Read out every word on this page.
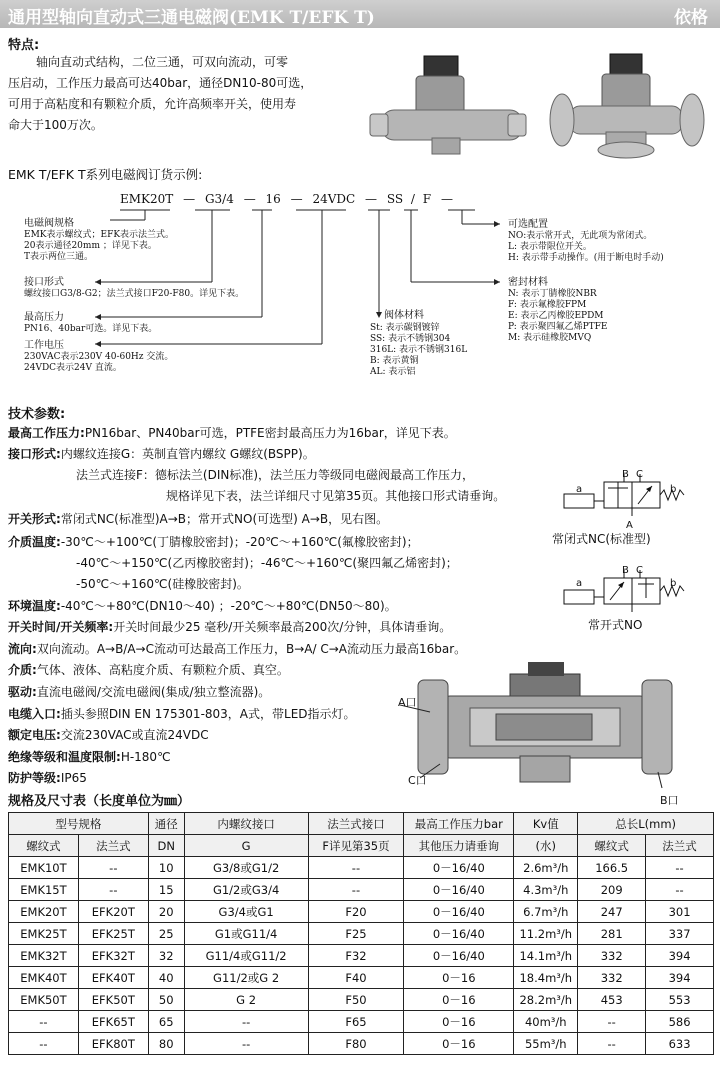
通用型轴向直动式三通电磁阀(EMK T/EFK T)	依格
特点:
轴向直动式结构，二位三通，可双向流动，可零
压启动，工作压力最高可达40bar，通径DN10-80可选，
可用于高粘度和有颗粒介质，允许高频率开关，使用寿
命大于100万次。
EMK T/EFK T系列电磁阀订货示例:
EMK20T — G3/4 — 16 — 24VDC — SS / F —
电磁阀规格
EMK表示螺纹式；EFK表示法兰式。
20表示通径20mm ；详见下表。
T表示两位三通。
接口形式
螺纹接口G3/8-G2；法兰式接口F20-F80。详见下表。
最高压力
PN16、40bar可选。详见下表。
工作电压
230VAC表示230V 40-60Hz 交流。
24VDC表示24V 直流。
阀体材料
St: 表示碳钢镀锌
SS: 表示不锈钢304
316L: 表示不锈钢316L
B: 表示黄铜
AL: 表示铝
可选配置
NO:表示常开式，无此项为常闭式。
L: 表示带限位开关。
H: 表示带手动操作。(用于断电时手动)
密封材料
N: 表示丁腈橡胶NBR
F: 表示氟橡胶FPM
E: 表示乙丙橡胶EPDM
P: 表示聚四氟乙烯PTFE
M: 表示硅橡胶MVQ
技术参数:
最高工作压力:PN16bar、PN40bar可选，PTFE密封最高压力为16bar，详见下表。
接口形式:内螺纹连接G：英制直管内螺纹 G螺纹(BSPP)。
法兰式连接F：德标法兰(DIN标准)，法兰压力等级同电磁阀最高工作压力，
规格详见下表，法兰详细尺寸见第35页。其他接口形式请垂询。
开关形式:常闭式NC(标准型)A→B；常开式NO(可选型) A→B，见右图。
介质温度:-30℃～+100℃(丁腈橡胶密封)；-20℃～+160℃(氟橡胶密封)；
-40℃～+150℃(乙丙橡胶密封)；-46℃～+160℃(聚四氟乙烯密封)；
-50℃～+160℃(硅橡胶密封)。
环境温度:-40℃～+80℃(DN10～40) ；-20℃～+80℃(DN50～80)。
开关时间/开关频率:开关时间最少25 毫秒/开关频率最高200次/分钟，具体请垂询。
流向:双向流动。A→B/A→C流动可达最高工作压力，B→A/ C→A流动压力最高16bar。
介质:气体、液体、高粘度介质、有颗粒介质、真空。
驱动:直流电磁阀/交流电磁阀(集成/独立整流器)。
电缆入口:插头参照DIN EN 175301-803，A式，带LED指示灯。
额定电压:交流230VAC或直流24VDC
绝缘等级和温度限制:H-180℃
防护等级:IP65
B C
A
a	b
常闭式NC(标准型)
B C
a	b
常开式NO
A口
C口
B口
规格及尺寸表（长度单位为㎜）
型号规格		通径	内螺纹接口	法兰式接口	最高工作压力bar	Kv值	总长L(mm)	
螺纹式	法兰式	DN	G	F详见第35页	其他压力请垂询	(水)	螺纹式	法兰式
EMK10T	--	10	G3/8或G1/2	--	0－16/40	2.6m³/h	166.5	--
EMK15T	--	15	G1/2或G3/4	--	0－16/40	4.3m³/h	209	--
EMK20T	EFK20T	20	G3/4或G1	F20	0－16/40	6.7m³/h	247	301
EMK25T	EFK25T	25	G1或G11/4	F25	0－16/40	11.2m³/h	281	337
EMK32T	EFK32T	32	G11/4或G11/2	F32	0－16/40	14.1m³/h	332	394
EMK40T	EFK40T	40	G11/2或G 2	F40	0－16	18.4m³/h	332	394
EMK50T	EFK50T	50	G 2	F50	0－16	28.2m³/h	453	553
--	EFK65T	65	--	F65	0－16	40m³/h	--	586
--	EFK80T	80	--	F80	0－16	55m³/h	--	633
